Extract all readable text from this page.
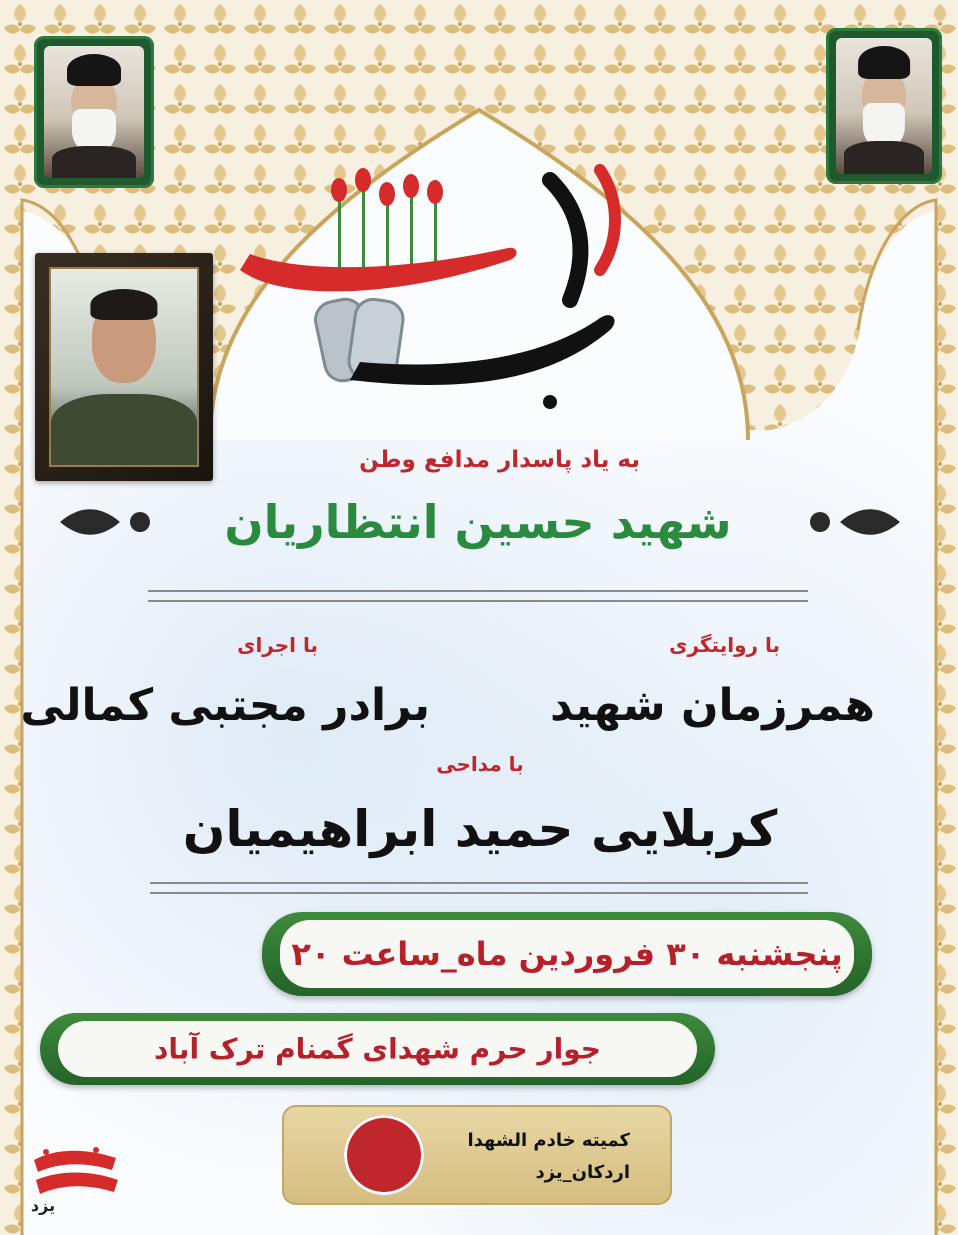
به یاد پاسدار مدافع وطن
شهید حسین انتظاریان
با روایتگری
با اجرای
همرزمان شهید
برادر مجتبی کمالی
با مداحی
کربلایی حمید ابراهیمیان
پنجشنبه ۳۰ فروردین ماه_ساعت ۲۰
جوار حرم شهدای گمنام ترک آباد
کمیته خادم الشهدا
اردکان_یزد
یزد
